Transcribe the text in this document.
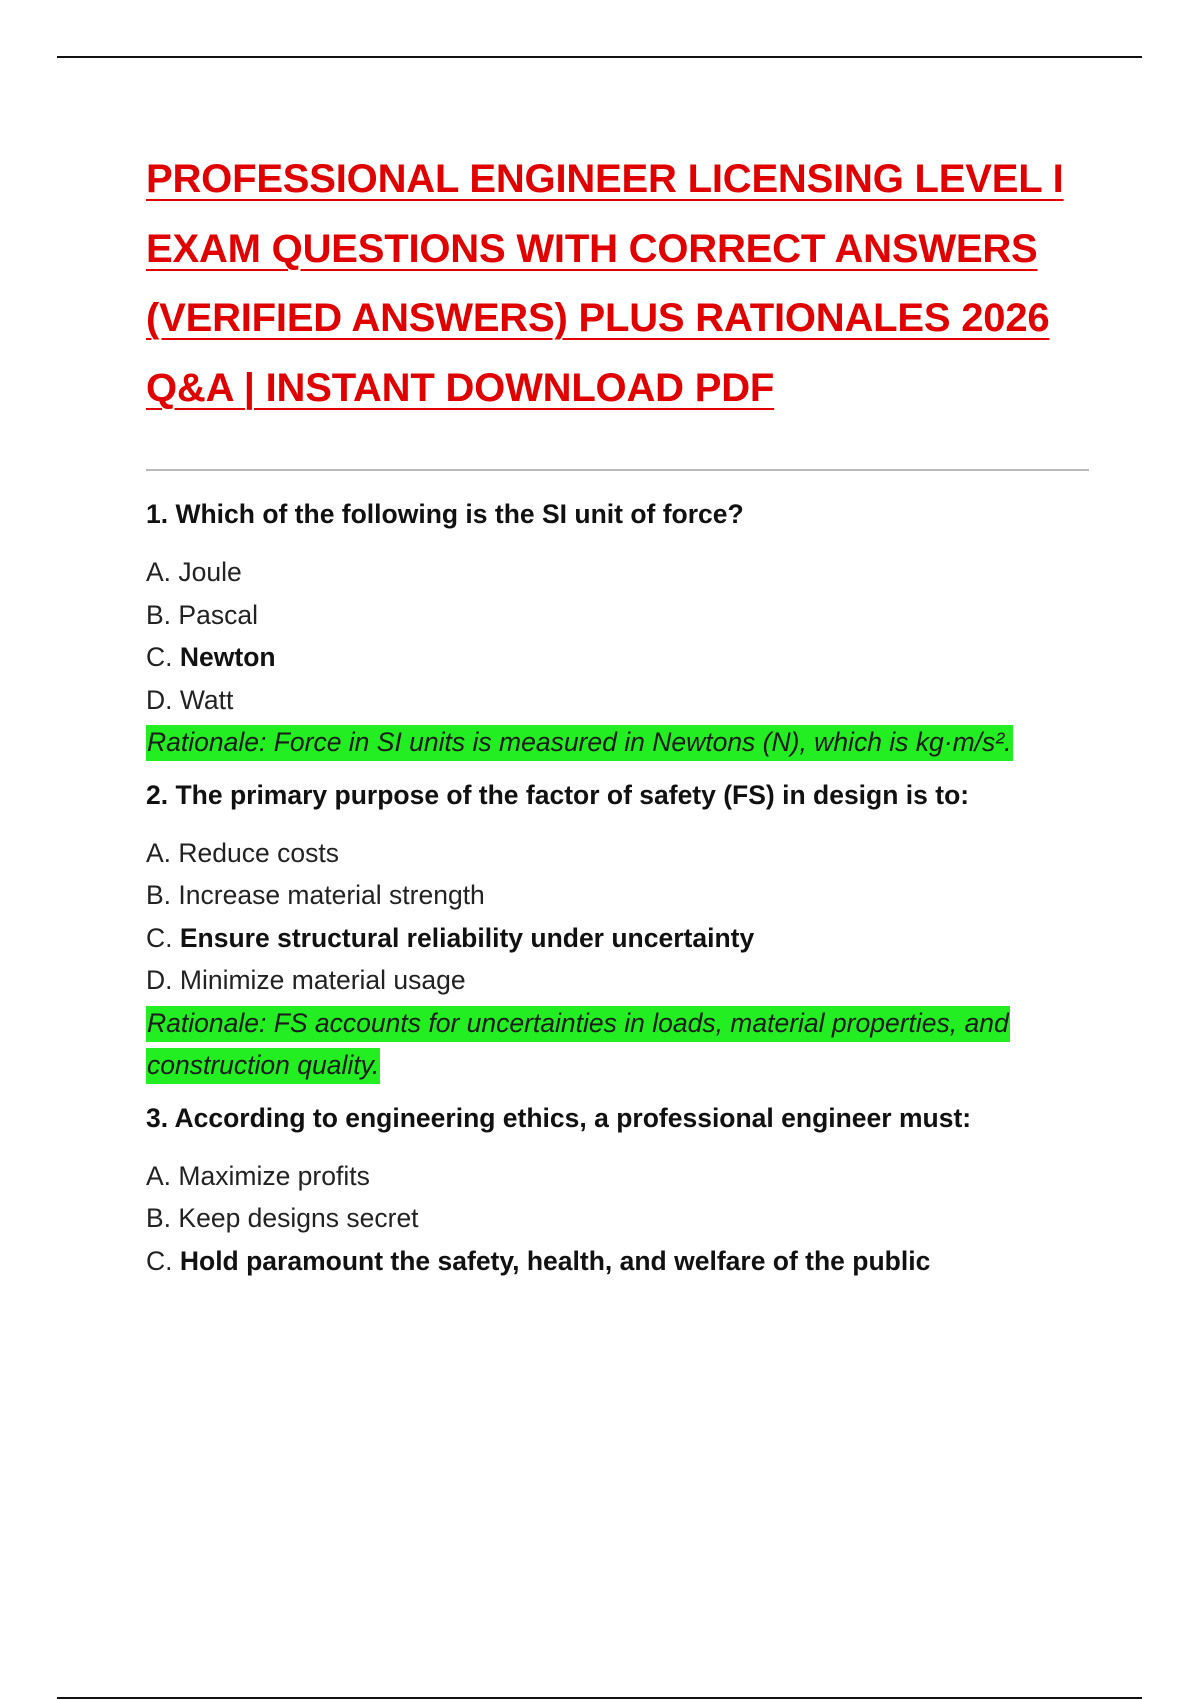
PROFESSIONAL ENGINEER LICENSING LEVEL I EXAM QUESTIONS WITH CORRECT ANSWERS (VERIFIED ANSWERS) PLUS RATIONALES 2026 Q&A | INSTANT DOWNLOAD PDF

1. Which of the following is the SI unit of force?

A. Joule
B. Pascal
C. Newton
D. Watt

Rationale: Force in SI units is measured in Newtons (N), which is kg·m/s².

2. The primary purpose of the factor of safety (FS) in design is to:

A. Reduce costs
B. Increase material strength
C. Ensure structural reliability under uncertainty
D. Minimize material usage

Rationale: FS accounts for uncertainties in loads, material properties, and construction quality.

3. According to engineering ethics, a professional engineer must:

A. Maximize profits
B. Keep designs secret
C. Hold paramount the safety, health, and welfare of the public
